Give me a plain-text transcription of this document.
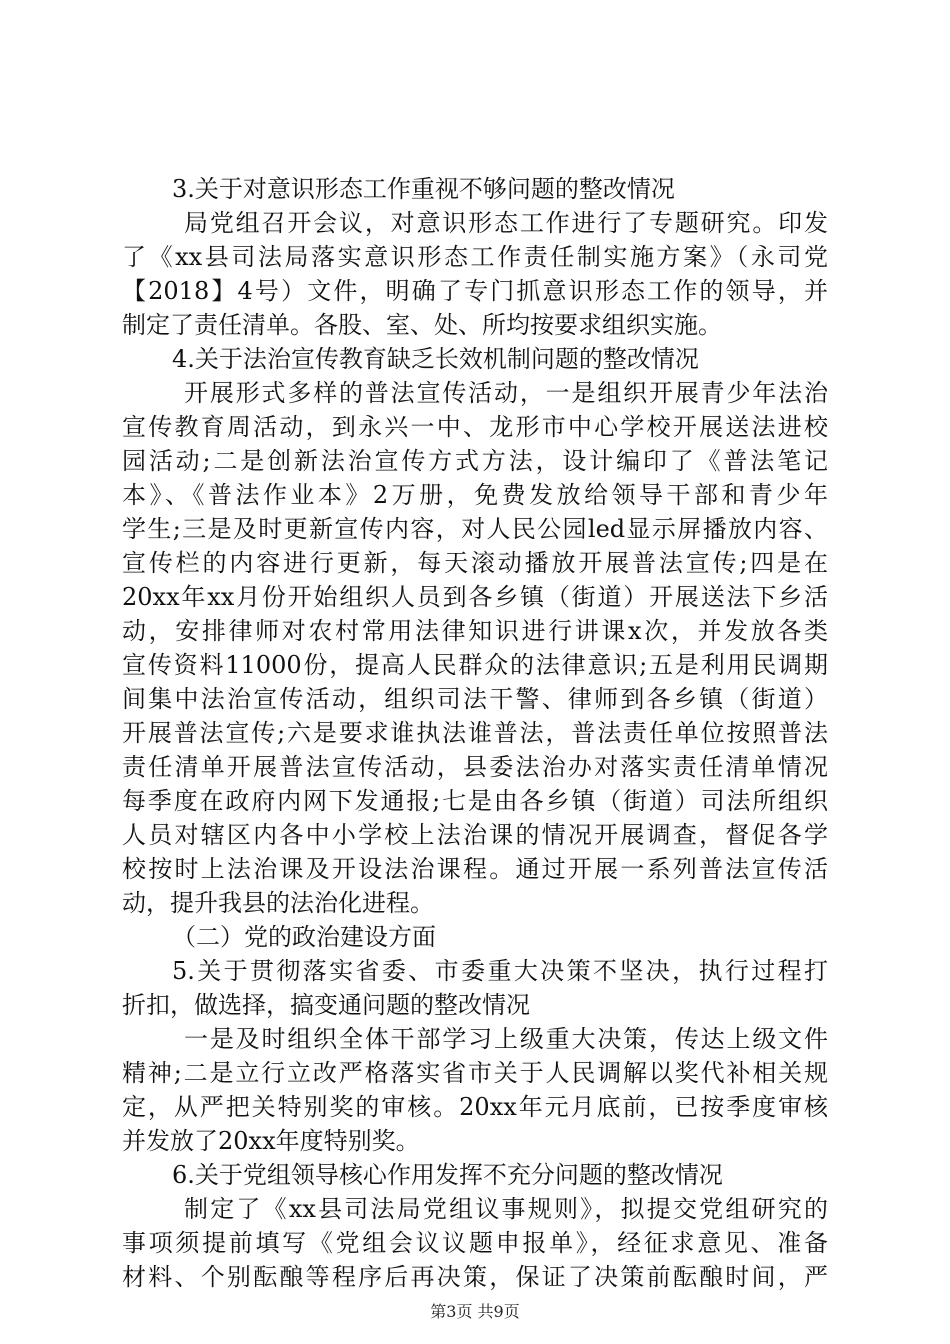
3.关于对意识形态工作重视不够问题的整改情况
局党组召开会议，对意识形态工作进行了专题研究。印发
了《xx县司法局落实意识形态工作责任制实施方案》（永司党
【2018】4号）文件，明确了专门抓意识形态工作的领导，并
制定了责任清单。各股、室、处、所均按要求组织实施。
4.关于法治宣传教育缺乏长效机制问题的整改情况
开展形式多样的普法宣传活动，一是组织开展青少年法治
宣传教育周活动，到永兴一中、龙形市中心学校开展送法进校
园活动;二是创新法治宣传方式方法，设计编印了《普法笔记
本》、《普法作业本》2万册，免费发放给领导干部和青少年
学生;三是及时更新宣传内容，对人民公园led显示屏播放内容、
宣传栏的内容进行更新，每天滚动播放开展普法宣传;四是在
20xx年xx月份开始组织人员到各乡镇（街道）开展送法下乡活
动，安排律师对农村常用法律知识进行讲课x次，并发放各类
宣传资料11000份，提高人民群众的法律意识;五是利用民调期
间集中法治宣传活动，组织司法干警、律师到各乡镇（街道）
开展普法宣传;六是要求谁执法谁普法，普法责任单位按照普法
责任清单开展普法宣传活动，县委法治办对落实责任清单情况
每季度在政府内网下发通报;七是由各乡镇（街道）司法所组织
人员对辖区内各中小学校上法治课的情况开展调查，督促各学
校按时上法治课及开设法治课程。通过开展一系列普法宣传活
动，提升我县的法治化进程。
（二）党的政治建设方面
5.关于贯彻落实省委、市委重大决策不坚决，执行过程打
折扣，做选择，搞变通问题的整改情况
一是及时组织全体干部学习上级重大决策，传达上级文件
精神;二是立行立改严格落实省市关于人民调解以奖代补相关规
定，从严把关特别奖的审核。20xx年元月底前，已按季度审核
并发放了20xx年度特别奖。
6.关于党组领导核心作用发挥不充分问题的整改情况
制定了《xx县司法局党组议事规则》，拟提交党组研究的
事项须提前填写《党组会议议题申报单》，经征求意见、准备
材料、个别酝酿等程序后再决策，保证了决策前酝酿时间，严
第3页 共9页
